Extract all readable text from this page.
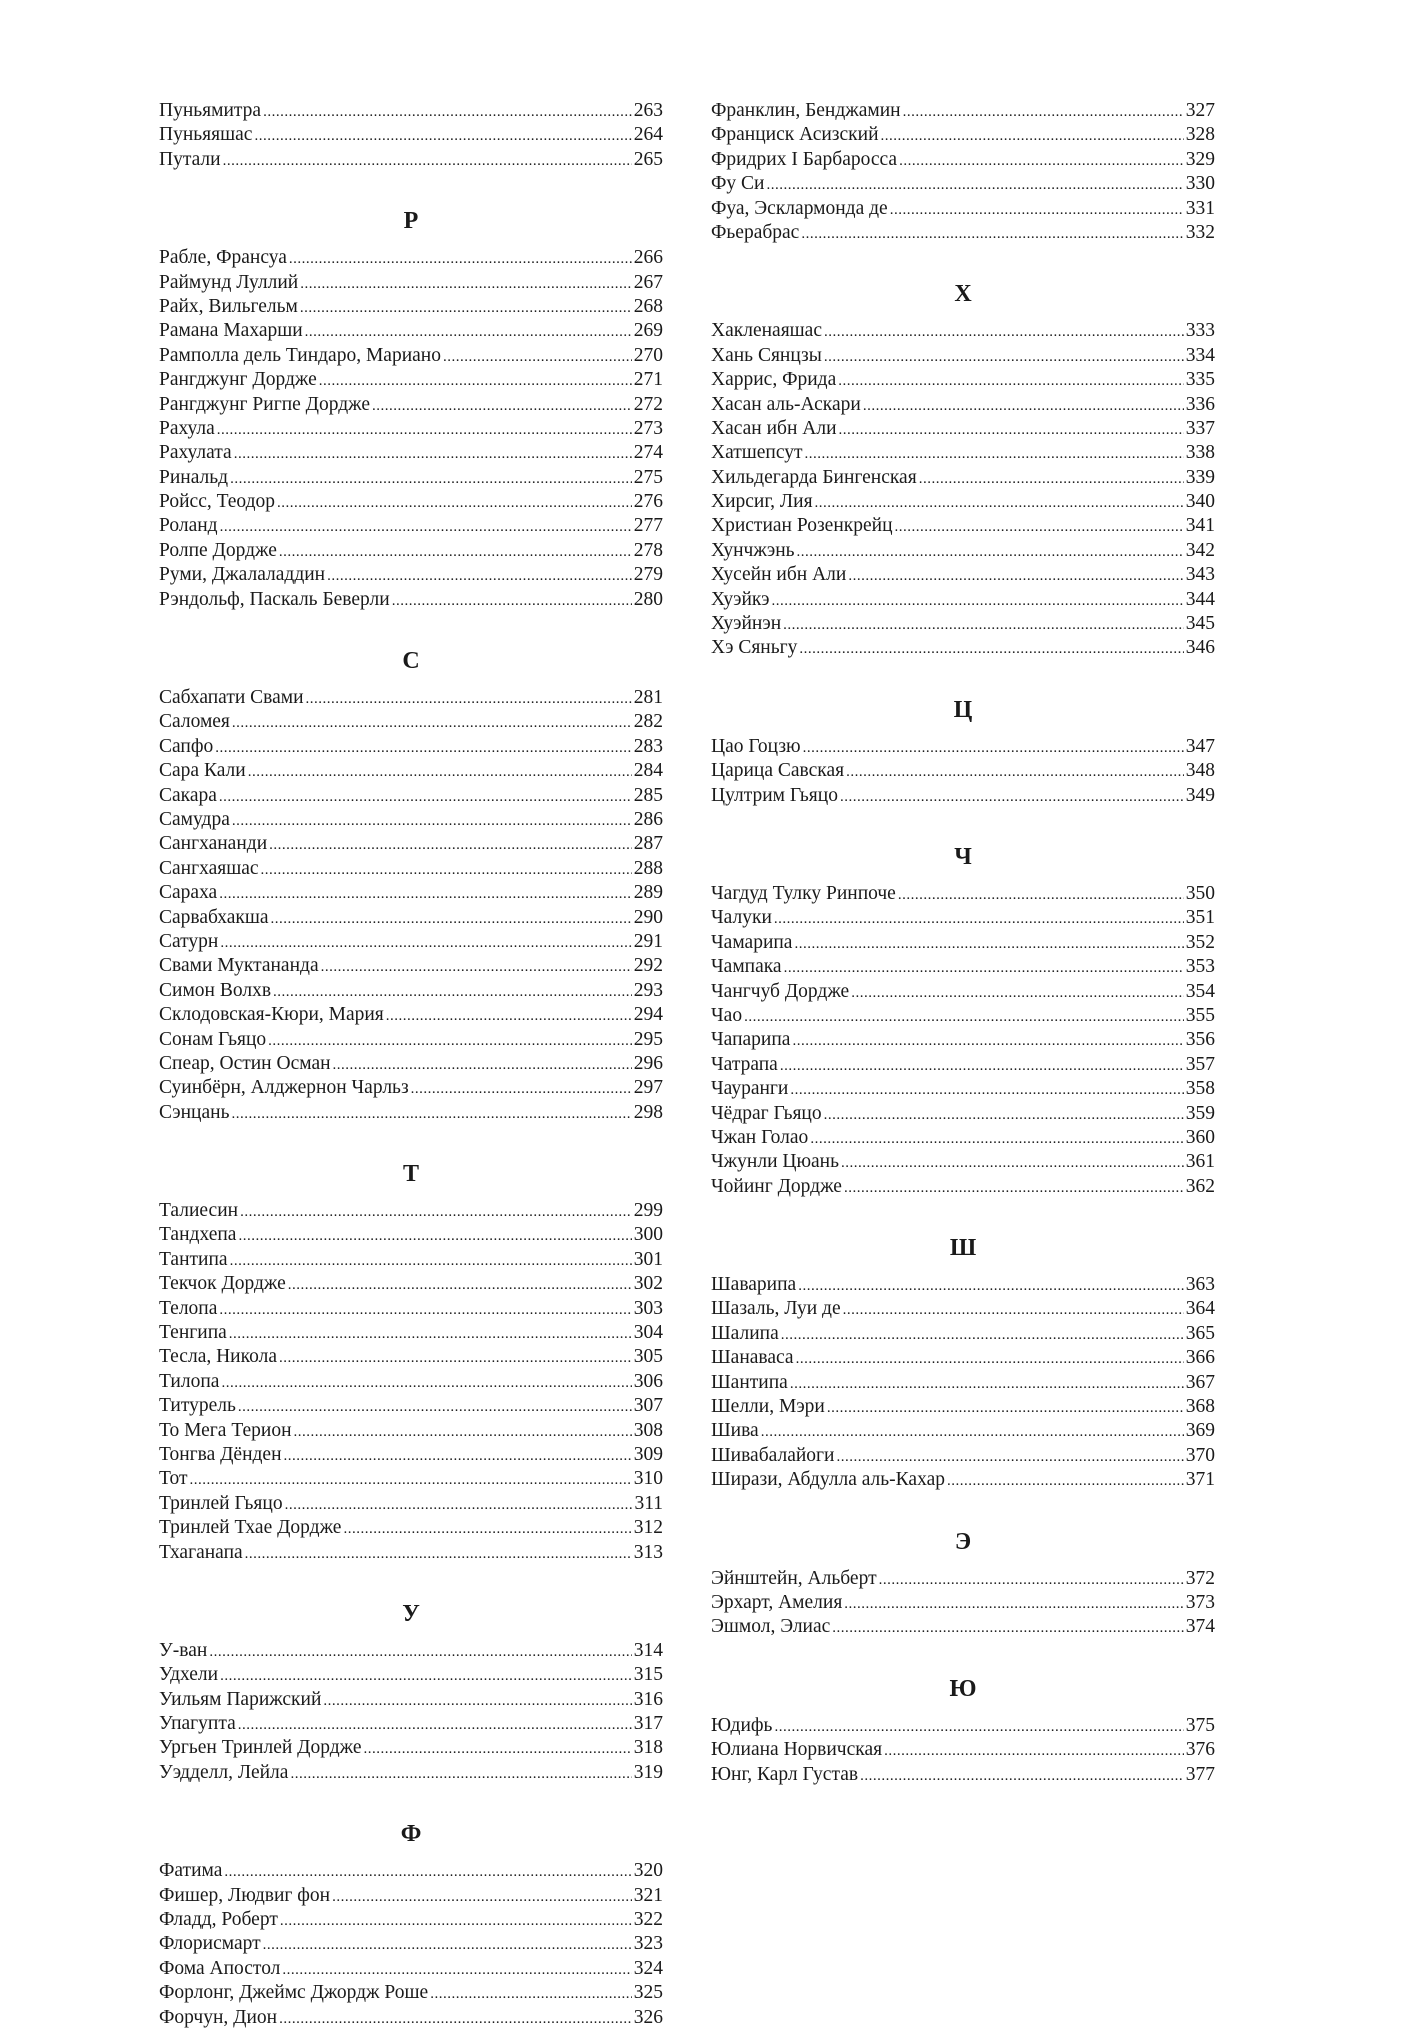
Пуньямитра .....	263
Пуньяяшас .....	264
Путали .....	265
Р
Рабле, Франсуа .....	266
Раймунд Луллий .....	267
Райх, Вильгельм .....	268
Рамана Махарши .....	269
Рамполла дель Тиндаро, Мариано .....	270
Рангджунг Дордже .....	271
Рангджунг Ригпе Дордже .....	272
Рахула .....	273
Рахулата .....	274
Ринальд .....	275
Ройсс, Теодор .....	276
Роланд .....	277
Ролпе Дордже .....	278
Руми, Джалаладдин .....	279
Рэндольф, Паскаль Беверли .....	280
С
Сабхапати Свами .....	281
Саломея .....	282
Сапфо .....	283
Сара Кали .....	284
Сакара .....	285
Самудра .....	286
Сангхананди .....	287
Сангхаяшас .....	288
Сараха .....	289
Сарвабхакша .....	290
Сатурн .....	291
Свами Муктананда .....	292
Симон Волхв .....	293
Склодовская-Кюри, Мария .....	294
Сонам Гьяцо .....	295
Спеар, Остин Осман .....	296
Суинбёрн, Алджернон Чарльз .....	297
Сэнцань .....	298
Т
Талиесин .....	299
Тандхепа .....	300
Тантипа .....	301
Текчок Дордже .....	302
Телопа .....	303
Тенгипа .....	304
Тесла, Никола .....	305
Тилопа .....	306
Титурель .....	307
То Мега Терион .....	308
Тонгва Дёнден .....	309
Тот .....	310
Тринлей Гьяцо .....	311
Тринлей Тхае Дордже .....	312
Тхаганапа .....	313
У
У-ван .....	314
Удхели .....	315
Уильям Парижский .....	316
Упагупта .....	317
Ургьен Тринлей Дордже .....	318
Уэдделл, Лейла .....	319
Ф
Фатима .....	320
Фишер, Людвиг фон .....	321
Фладд, Роберт .....	322
Флорисмарт .....	323
Фома Апостол .....	324
Форлонг, Джеймс Джордж Роше .....	325
Форчун, Дион .....	326
Франклин, Бенджамин .....	327
Франциск Асизский .....	328
Фридрих I Барбаросса .....	329
Фу Си .....	330
Фуа, Эсклармонда де .....	331
Фьерабрас .....	332
Х
Хакленаяшас .....	333
Хань Сянцзы .....	334
Харрис, Фрида .....	335
Хасан аль-Аскари .....	336
Хасан ибн Али .....	337
Хатшепсут .....	338
Хильдегарда Бингенская .....	339
Хирсиг, Лия .....	340
Христиан Розенкрейц .....	341
Хунчжэнь .....	342
Хусейн ибн Али .....	343
Хуэйкэ .....	344
Хуэйнэн .....	345
Хэ Сяньгу .....	346
Ц
Цао Гоцзю .....	347
Царица Савская .....	348
Цултрим Гьяцо .....	349
Ч
Чагдуд Тулку Ринпоче .....	350
Чалуки .....	351
Чамарипа .....	352
Чампака .....	353
Чангчуб Дордже .....	354
Чао .....	355
Чапарипа .....	356
Чатрапа .....	357
Чауранги .....	358
Чёдраг Гьяцо .....	359
Чжан Голао .....	360
Чжунли Цюань .....	361
Чойинг Дордже .....	362
Ш
Шаварипа .....	363
Шазаль, Луи де .....	364
Шалипа .....	365
Шанаваса .....	366
Шантипа .....	367
Шелли, Мэри .....	368
Шива .....	369
Шивабалайоги .....	370
Ширази, Абдулла аль-Кахар .....	371
Э
Эйнштейн, Альберт .....	372
Эрхарт, Амелия .....	373
Эшмол, Элиас .....	374
Ю
Юдифь .....	375
Юлиана Норвичская .....	376
Юнг, Карл Густав .....	377
